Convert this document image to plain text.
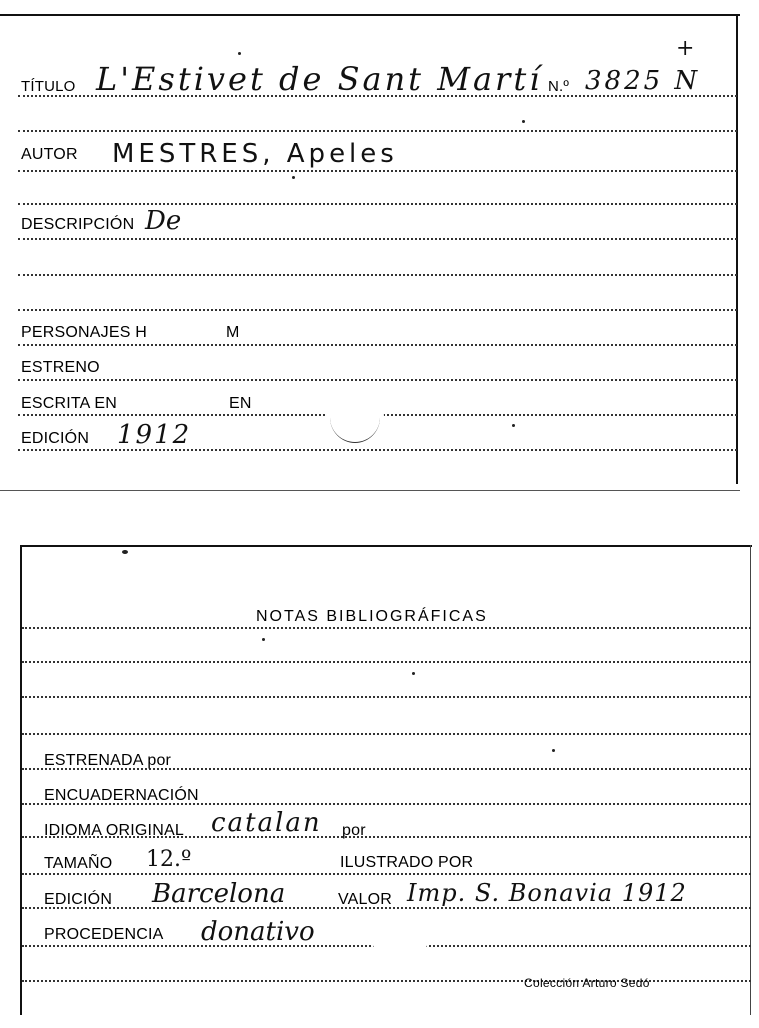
TÍTULO L'Estivet de Sant Martí N.º 3825 N
+
AUTOR MESTRES, Apeles
DESCRIPCIÓN De
PERSONAJES H	M
ESTRENO
ESCRITA EN	EN
EDICIÓN 1912
NOTAS BIBLIOGRÁFICAS
ESTRENADA por
ENCUADERNACIÓN
IDIOMA ORIGINAL catalan por
TAMAÑO 12.º	ILUSTRADO POR
EDICIÓN Barcelona	VALOR Imp. S. Bonavia 1912
PROCEDENCIA donativo
Colección Arturo Sedó
